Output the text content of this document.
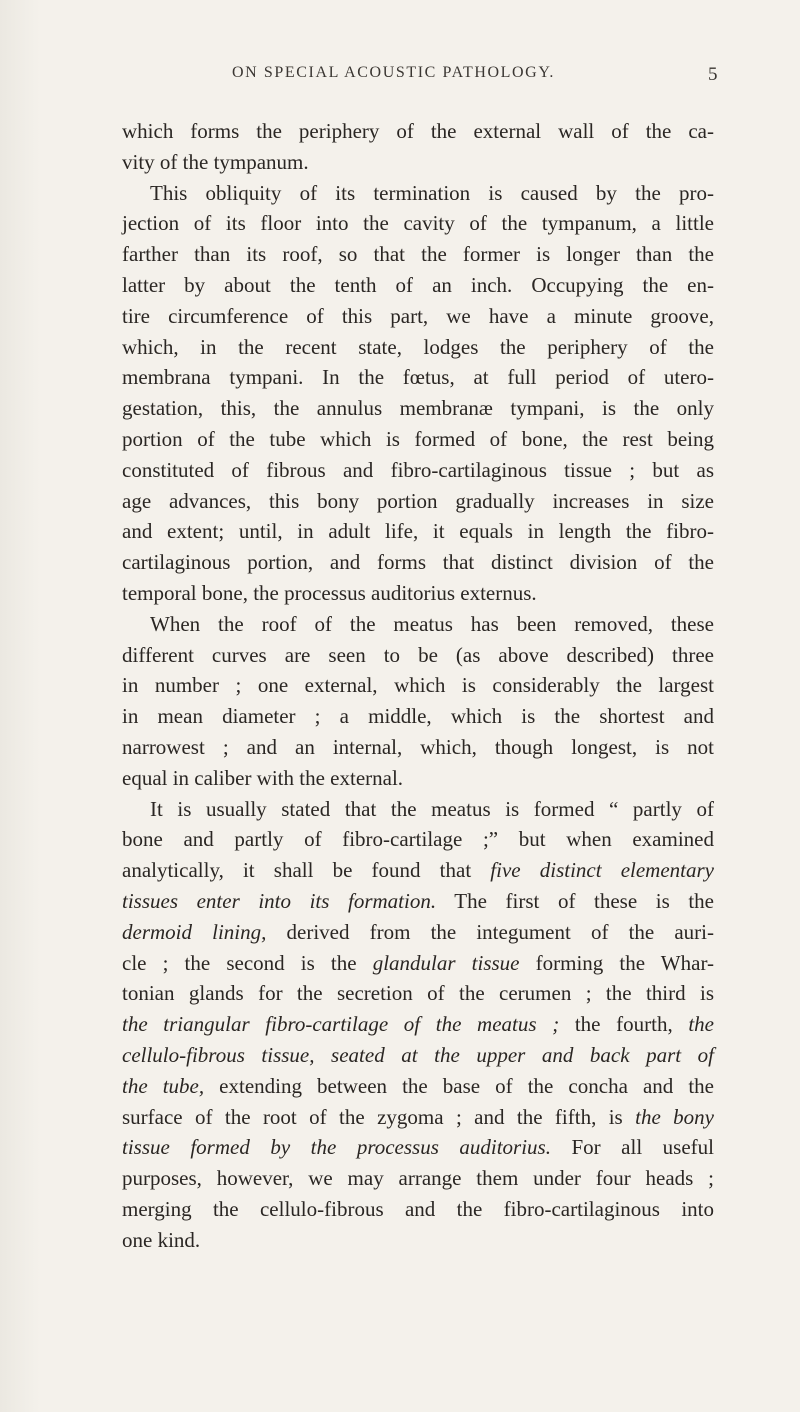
ON SPECIAL ACOUSTIC PATHOLOGY.	5
which forms the periphery of the external wall of the ca-
vity of the tympanum.
This obliquity of its termination is caused by the pro-
jection of its floor into the cavity of the tympanum, a little
farther than its roof, so that the former is longer than the
latter by about the tenth of an inch. Occupying the en-
tire circumference of this part, we have a minute groove,
which, in the recent state, lodges the periphery of the
membrana tympani. In the fœtus, at full period of utero-
gestation, this, the annulus membranæ tympani, is the only
portion of the tube which is formed of bone, the rest being
constituted of fibrous and fibro-cartilaginous tissue ; but as
age advances, this bony portion gradually increases in size
and extent; until, in adult life, it equals in length the fibro-
cartilaginous portion, and forms that distinct division of the
temporal bone, the processus auditorius externus.
When the roof of the meatus has been removed, these
different curves are seen to be (as above described) three
in number ; one external, which is considerably the largest
in mean diameter ; a middle, which is the shortest and
narrowest ; and an internal, which, though longest, is not
equal in caliber with the external.
It is usually stated that the meatus is formed “ partly of
bone and partly of fibro-cartilage ;” but when examined
analytically, it shall be found that five distinct elementary
tissues enter into its formation. The first of these is the
dermoid lining, derived from the integument of the auri-
cle ; the second is the glandular tissue forming the Whar-
tonian glands for the secretion of the cerumen ; the third is
the triangular fibro-cartilage of the meatus ; the fourth, the
cellulo-fibrous tissue, seated at the upper and back part of
the tube, extending between the base of the concha and the
surface of the root of the zygoma ; and the fifth, is the bony
tissue formed by the processus auditorius. For all useful
purposes, however, we may arrange them under four heads ;
merging the cellulo-fibrous and the fibro-cartilaginous into
one kind.
